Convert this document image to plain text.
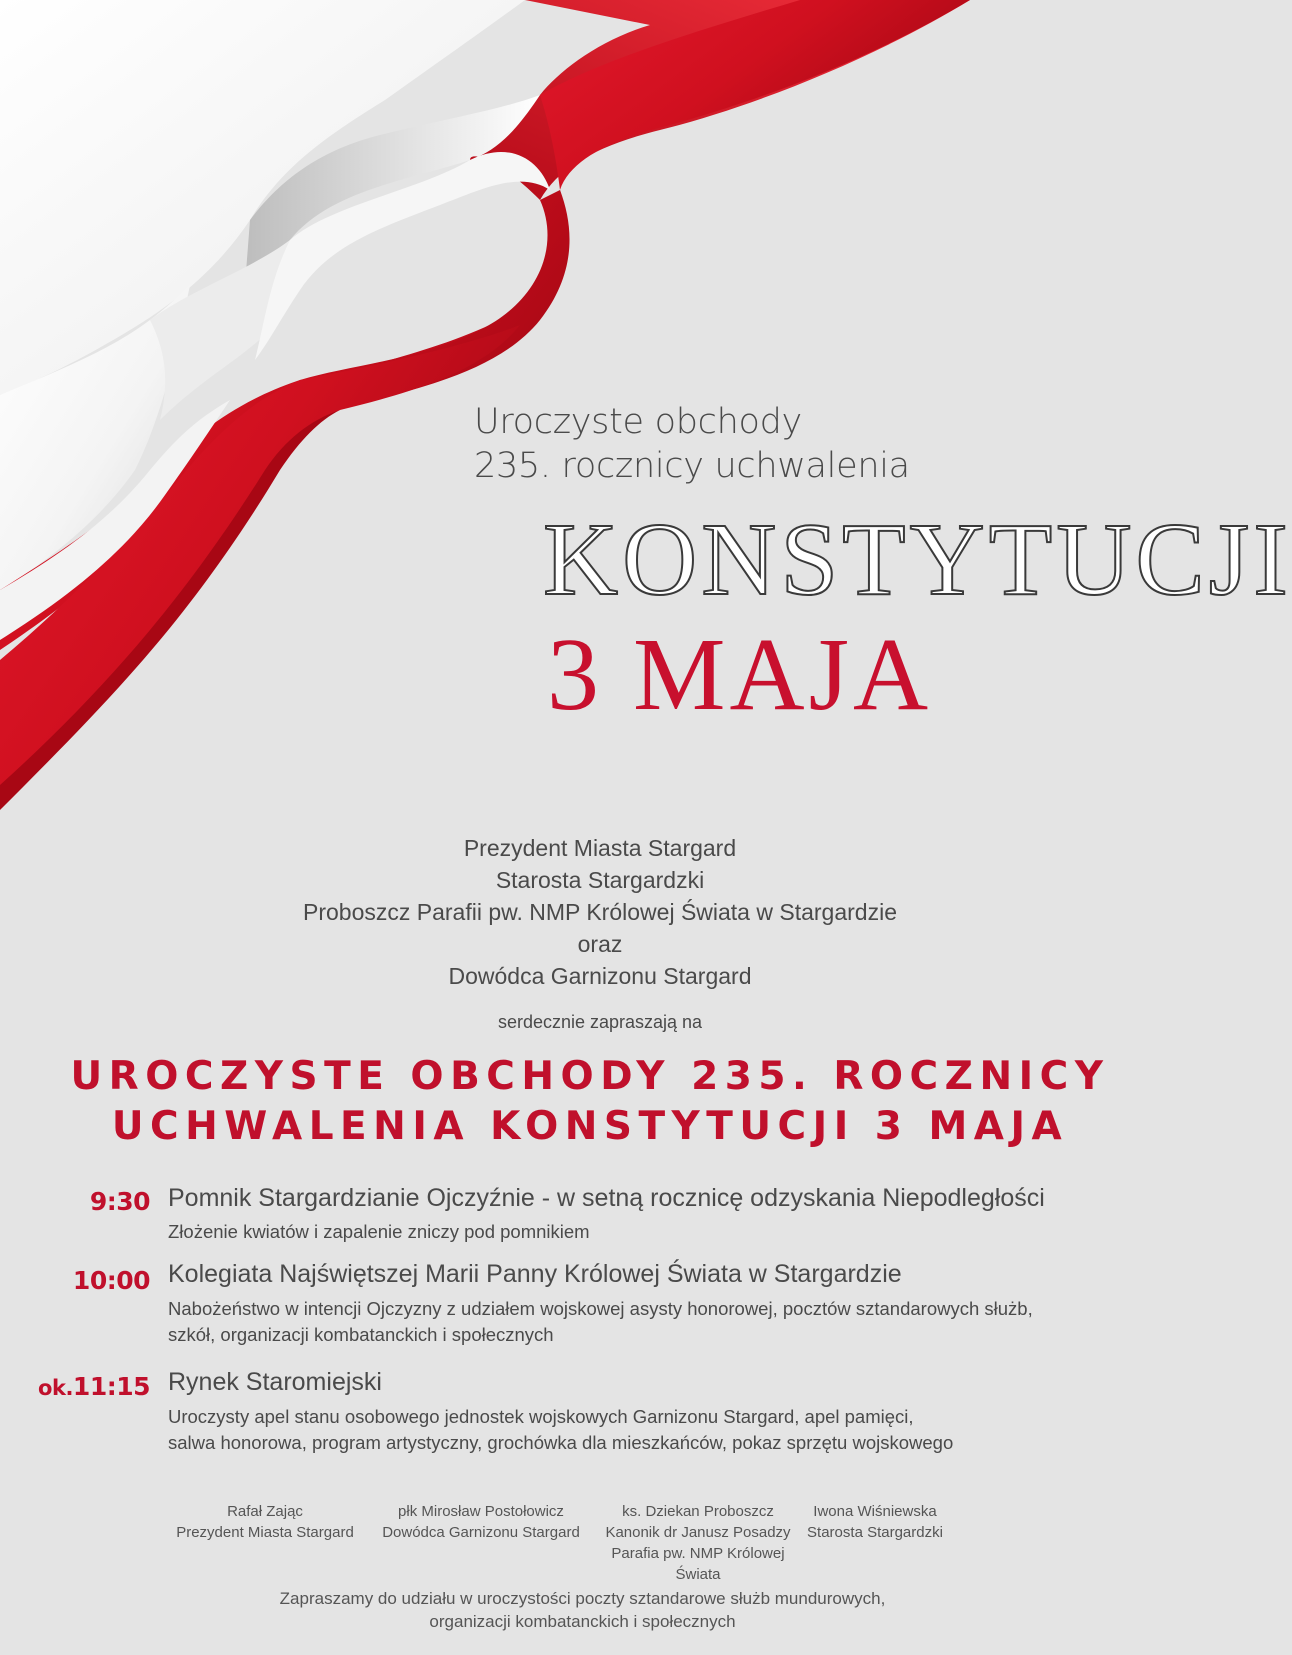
Uroczyste obchody
235. rocznicy uchwalenia
KONSTYTUCJI
3 MAJA
Prezydent Miasta Stargard
Starosta Stargardzki
Proboszcz Parafii pw. NMP Królowej Świata w Stargardzie
oraz
Dowódca Garnizonu Stargard
serdecznie zapraszają na
UROCZYSTE OBCHODY 235. ROCZNICY
UCHWALENIA KONSTYTUCJI 3 MAJA
9:30 Pomnik Stargardzianie Ojczyźnie - w setną rocznicę odzyskania Niepodległości
Złożenie kwiatów i zapalenie zniczy pod pomnikiem
10:00 Kolegiata Najświętszej Marii Panny Królowej Świata w Stargardzie
Nabożeństwo w intencji Ojczyzny z udziałem wojskowej asysty honorowej, pocztów sztandarowych służb,
szkół, organizacji kombatanckich i społecznych
ok.11:15 Rynek Staromiejski
Uroczysty apel stanu osobowego jednostek wojskowych Garnizonu Stargard, apel pamięci,
salwa honorowa, program artystyczny, grochówka dla mieszkańców, pokaz sprzętu wojskowego
Rafał Zając
Prezydent Miasta Stargard
płk Mirosław Postołowicz
Dowódca Garnizonu Stargard
ks. Dziekan Proboszcz
Kanonik dr Janusz Posadzy
Parafia pw. NMP Królowej
Świata
Iwona Wiśniewska
Starosta Stargardzki
Zapraszamy do udziału w uroczystości poczty sztandarowe służb mundurowych,
organizacji kombatanckich i społecznych
